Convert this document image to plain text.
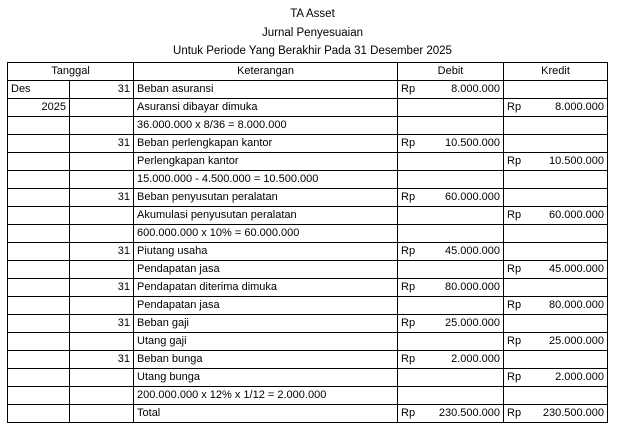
TA Asset
Jurnal Penyesuaian
Untuk Periode Yang Berakhir Pada 31 Desember 2025
Tanggal		Keterangan	Debit	Kredit
Des	31	Beban asuransi	Rp 8.000.000	

2025		Asuransi dibayar dimuka		Rp 8.000.000

		36.000.000 x 8/36 = 8.000.000		
	31	Beban perlengkapan kantor	Rp 10.500.000	

		Perlengkapan kantor		Rp 10.500.000

		15.000.000 - 4.500.000 = 10.500.000		
	31	Beban penyusutan peralatan	Rp 60.000.000	

		Akumulasi penyusutan peralatan		Rp 60.000.000

		600.000.000 x 10% = 60.000.000		
	31	Piutang usaha	Rp 45.000.000	

		Pendapatan jasa		Rp 45.000.000

	31	Pendapatan diterima dimuka	Rp 80.000.000	

		Pendapatan jasa		Rp 80.000.000

	31	Beban gaji	Rp 25.000.000	

		Utang gaji		Rp 25.000.000

	31	Beban bunga	Rp 2.000.000	

		Utang bunga		Rp 2.000.000

		200.000.000 x 12% x 1/12 = 2.000.000		
		Total	Rp 230.500.000	Rp 230.500.000
